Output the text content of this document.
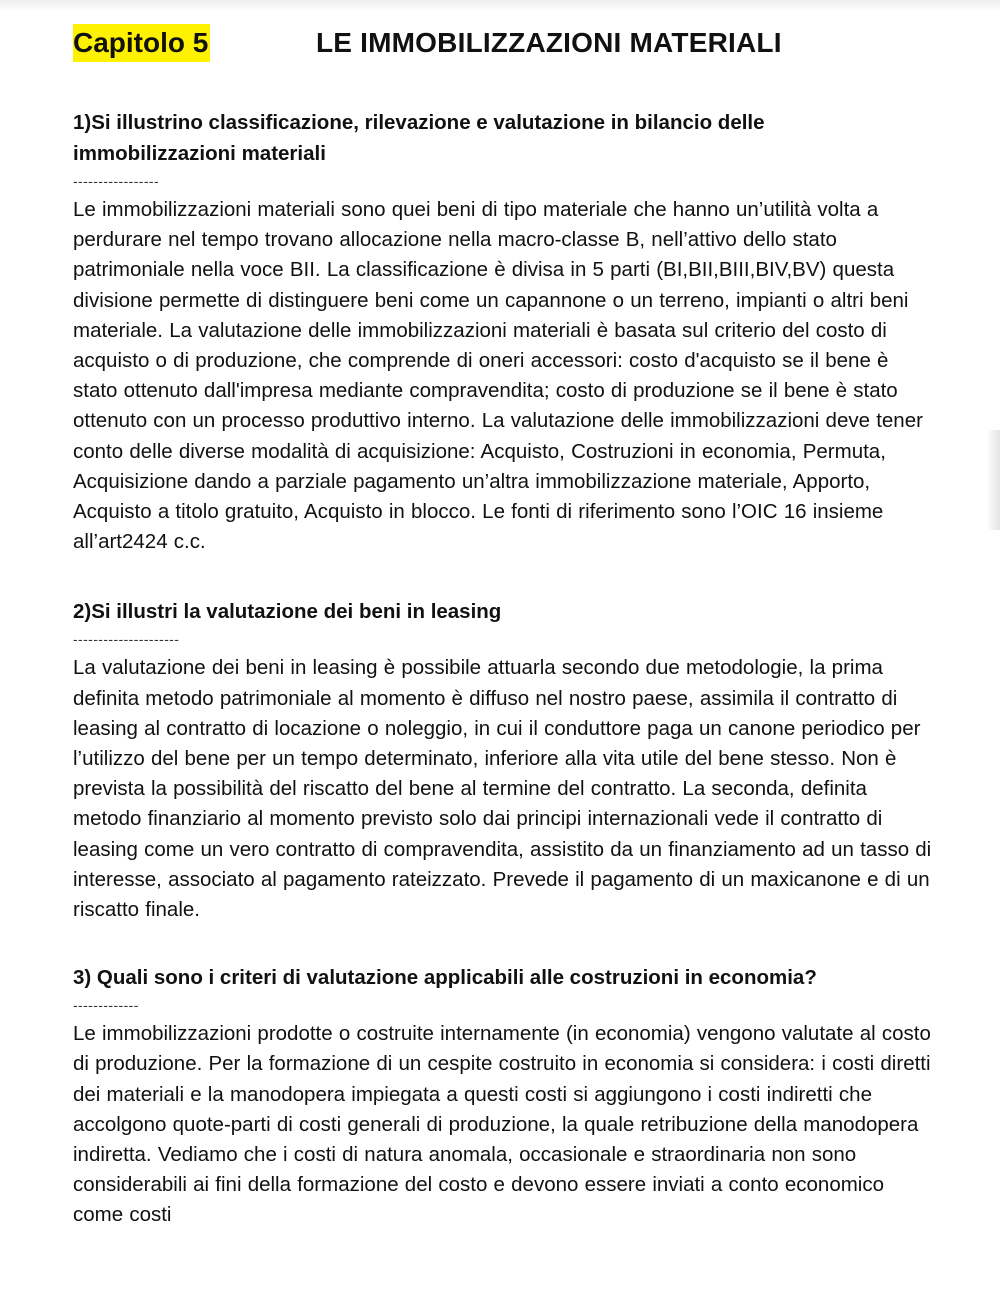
Capitolo 5	LE IMMOBILIZZAZIONI MATERIALI

1)Si illustrino classificazione, rilevazione e valutazione in bilancio delle immobilizzazioni materiali

-----------------

Le immobilizzazioni materiali sono quei beni di tipo materiale che hanno un’utilità volta a perdurare nel tempo trovano allocazione nella macro-classe B, nell’attivo dello stato patrimoniale nella voce BII. La classificazione è divisa in 5 parti (BI,BII,BIII,BIV,BV) questa divisione permette di distinguere beni come un capannone o un terreno, impianti o altri beni materiale. La valutazione delle immobilizzazioni materiali è basata sul criterio del costo di acquisto o di produzione, che comprende di oneri accessori: costo d'acquisto se il bene è stato ottenuto dall'impresa mediante compravendita; costo di produzione se il bene è stato ottenuto con un processo produttivo interno. La valutazione delle immobilizzazioni deve tener conto delle diverse modalità di acquisizione: Acquisto, Costruzioni in economia, Permuta, Acquisizione dando a parziale pagamento un’altra immobilizzazione materiale, Apporto, Acquisto a titolo gratuito, Acquisto in blocco. Le fonti di riferimento sono l’OIC 16 insieme all’art2424 c.c.

2)Si illustri la valutazione dei beni in leasing

---------------------

La valutazione dei beni in leasing è possibile attuarla secondo due metodologie, la prima definita metodo patrimoniale al momento è diffuso nel nostro paese, assimila il contratto di leasing al contratto di locazione o noleggio, in cui il conduttore paga un canone periodico per l’utilizzo del bene per un tempo determinato, inferiore alla vita utile del bene stesso. Non è prevista la possibilità del riscatto del bene al termine del contratto. La seconda, definita metodo finanziario al momento previsto solo dai principi internazionali vede il contratto di leasing come un vero contratto di compravendita, assistito da un finanziamento ad un tasso di interesse, associato al pagamento rateizzato. Prevede il pagamento di un maxicanone e di un riscatto finale.

3) Quali sono i criteri di valutazione applicabili alle costruzioni in economia?

-------------

Le immobilizzazioni prodotte o costruite internamente (in economia) vengono valutate al costo di produzione. Per la formazione di un cespite costruito in economia si considera: i costi diretti dei materiali e la manodopera impiegata a questi costi si aggiungono i costi indiretti che accolgono quote-parti di costi generali di produzione, la quale retribuzione della manodopera indiretta. Vediamo che i costi di natura anomala, occasionale e straordinaria non sono considerabili ai fini della formazione del costo e devono essere inviati a conto economico come costi
